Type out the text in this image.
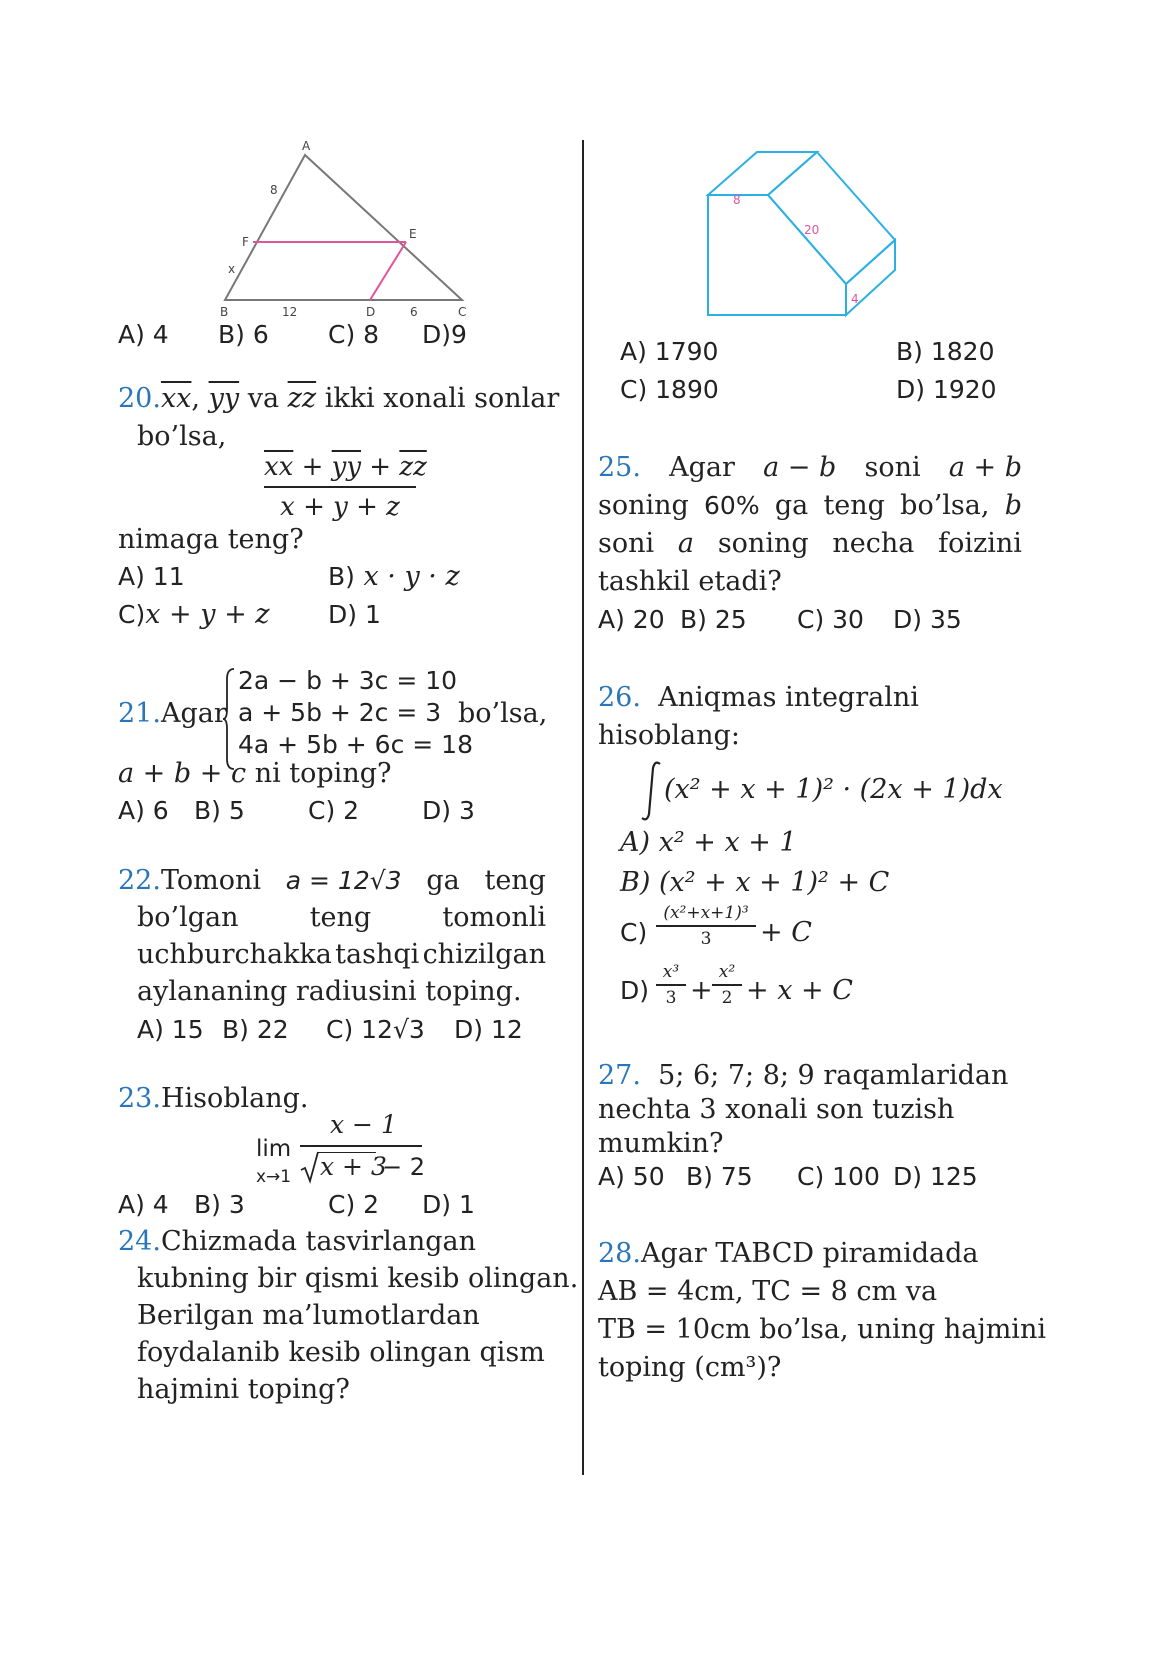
A
8
F
x
E
B	12	D	6	C
A) 4 B) 6 C) 8 D)9
$20.\overline{xx}$, $\overline{yy}$ va $\overline{zz}$ ikki xonali sonlar
bo’lsa,
$\overline{xx} + \overline{yy} + \overline{zz}$
x + y + z
nimaga teng?
A) 11	B) x · y · z
C)x + y + z D) 1
21.Agar
2a − b + 3c = 10
a + 5b + 2c = 3
4a + 5b + 6c = 18
bo’lsa,
a + b + c ni toping?
A) 6 B) 5	C) 2	D) 3
22.Tomoni a = 12√3 ga teng
bo’lgan	teng	tomonli
uchburchakka tashqi chizilgan
aylananing radiusini toping.
A) 15 B) 22 C) 12√3 D) 12
23.Hisoblang.
lim
x→1
x − 1
x + 3
− 2
A) 4 B) 3	C) 2 D) 1
24.Chizmada tasvirlangan
kubning bir qismi kesib olingan.
Berilgan ma’lumotlardan
foydalanib kesib olingan qism
hajmini toping?
8
20
4
A) 1790	B) 1820
C) 1890	D) 1920
25. Agar a − b soni a + b
soning 60% ga teng bo’lsa, b
soni a soning necha foizini
tashkil etadi?
A) 20 B) 25 C) 30 D) 35
26. Aniqmas integralni
hisoblang:
(x² + x + 1)² · (2x + 1)dx
A) x² + x + 1
B) (x² + x + 1)² + C
C)
(x²+x+1)³
3	+ C
D)
x³
3 +
x²
2 + x + C
27. 5; 6; 7; 8; 9 raqamlaridan
nechta 3 xonali son tuzish
mumkin?
A) 50 B) 75 C) 100 D) 125
28.Agar TABCD piramidada
AB = 4cm, TC = 8 cm va
TB = 10cm bo’lsa, uning hajmini
toping (cm³)?
